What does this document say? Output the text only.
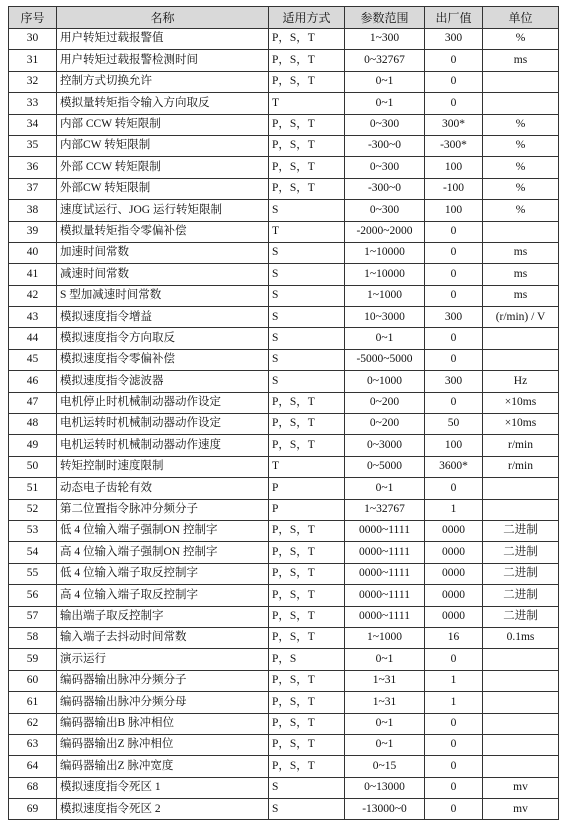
序号	名称	适用方式	参数范围	出厂值	单位
30	用户转矩过载报警值	P，S，T	1~300	300	%
31	用户转矩过载报警检测时间	P，S，T	0~32767	0	ms
32	控制方式切换允许	P，S，T	0~1	0	
33	模拟量转矩指令输入方向取反	T	0~1	0	
34	内部 CCW 转矩限制	P，S，T	0~300	300*	%
35	内部CW 转矩限制	P，S，T	-300~0	-300*	%
36	外部 CCW 转矩限制	P，S，T	0~300	100	%
37	外部CW 转矩限制	P，S，T	-300~0	-100	%
38	速度试运行、JOG 运行转矩限制	S	0~300	100	%
39	模拟量转矩指令零偏补偿	T	-2000~2000	0	
40	加速时间常数	S	1~10000	0	ms
41	减速时间常数	S	1~10000	0	ms
42	S 型加减速时间常数	S	1~1000	0	ms
43	模拟速度指令增益	S	10~3000	300	(r/min) / V
44	模拟速度指令方向取反	S	0~1	0	
45	模拟速度指令零偏补偿	S	-5000~5000	0	
46	模拟速度指令滤波器	S	0~1000	300	Hz
47	电机停止时机械制动器动作设定	P，S，T	0~200	0	×10ms
48	电机运转时机械制动器动作设定	P，S，T	0~200	50	×10ms
49	电机运转时机械制动器动作速度	P，S，T	0~3000	100	r/min
50	转矩控制时速度限制	T	0~5000	3600*	r/min
51	动态电子齿轮有效	P	0~1	0	
52	第二位置指令脉冲分频分子	P	1~32767	1	
53	低 4 位输入端子强制ON 控制字	P，S，T	0000~1111	0000	二进制
54	高 4 位输入端子强制ON 控制字	P，S，T	0000~1111	0000	二进制
55	低 4 位输入端子取反控制字	P，S，T	0000~1111	0000	二进制
56	高 4 位输入端子取反控制字	P，S，T	0000~1111	0000	二进制
57	输出端子取反控制字	P，S，T	0000~1111	0000	二进制
58	输入端子去抖动时间常数	P，S，T	1~1000	16	0.1ms
59	演示运行	P，S	0~1	0	
60	编码器输出脉冲分频分子	P，S，T	1~31	1	
61	编码器输出脉冲分频分母	P，S，T	1~31	1	
62	编码器输出B 脉冲相位	P，S，T	0~1	0	
63	编码器输出Z 脉冲相位	P，S，T	0~1	0	
64	编码器输出Z 脉冲宽度	P，S，T	0~15	0	
68	模拟速度指令死区 1	S	0~13000	0	mv
69	模拟速度指令死区 2	S	-13000~0	0	mv
